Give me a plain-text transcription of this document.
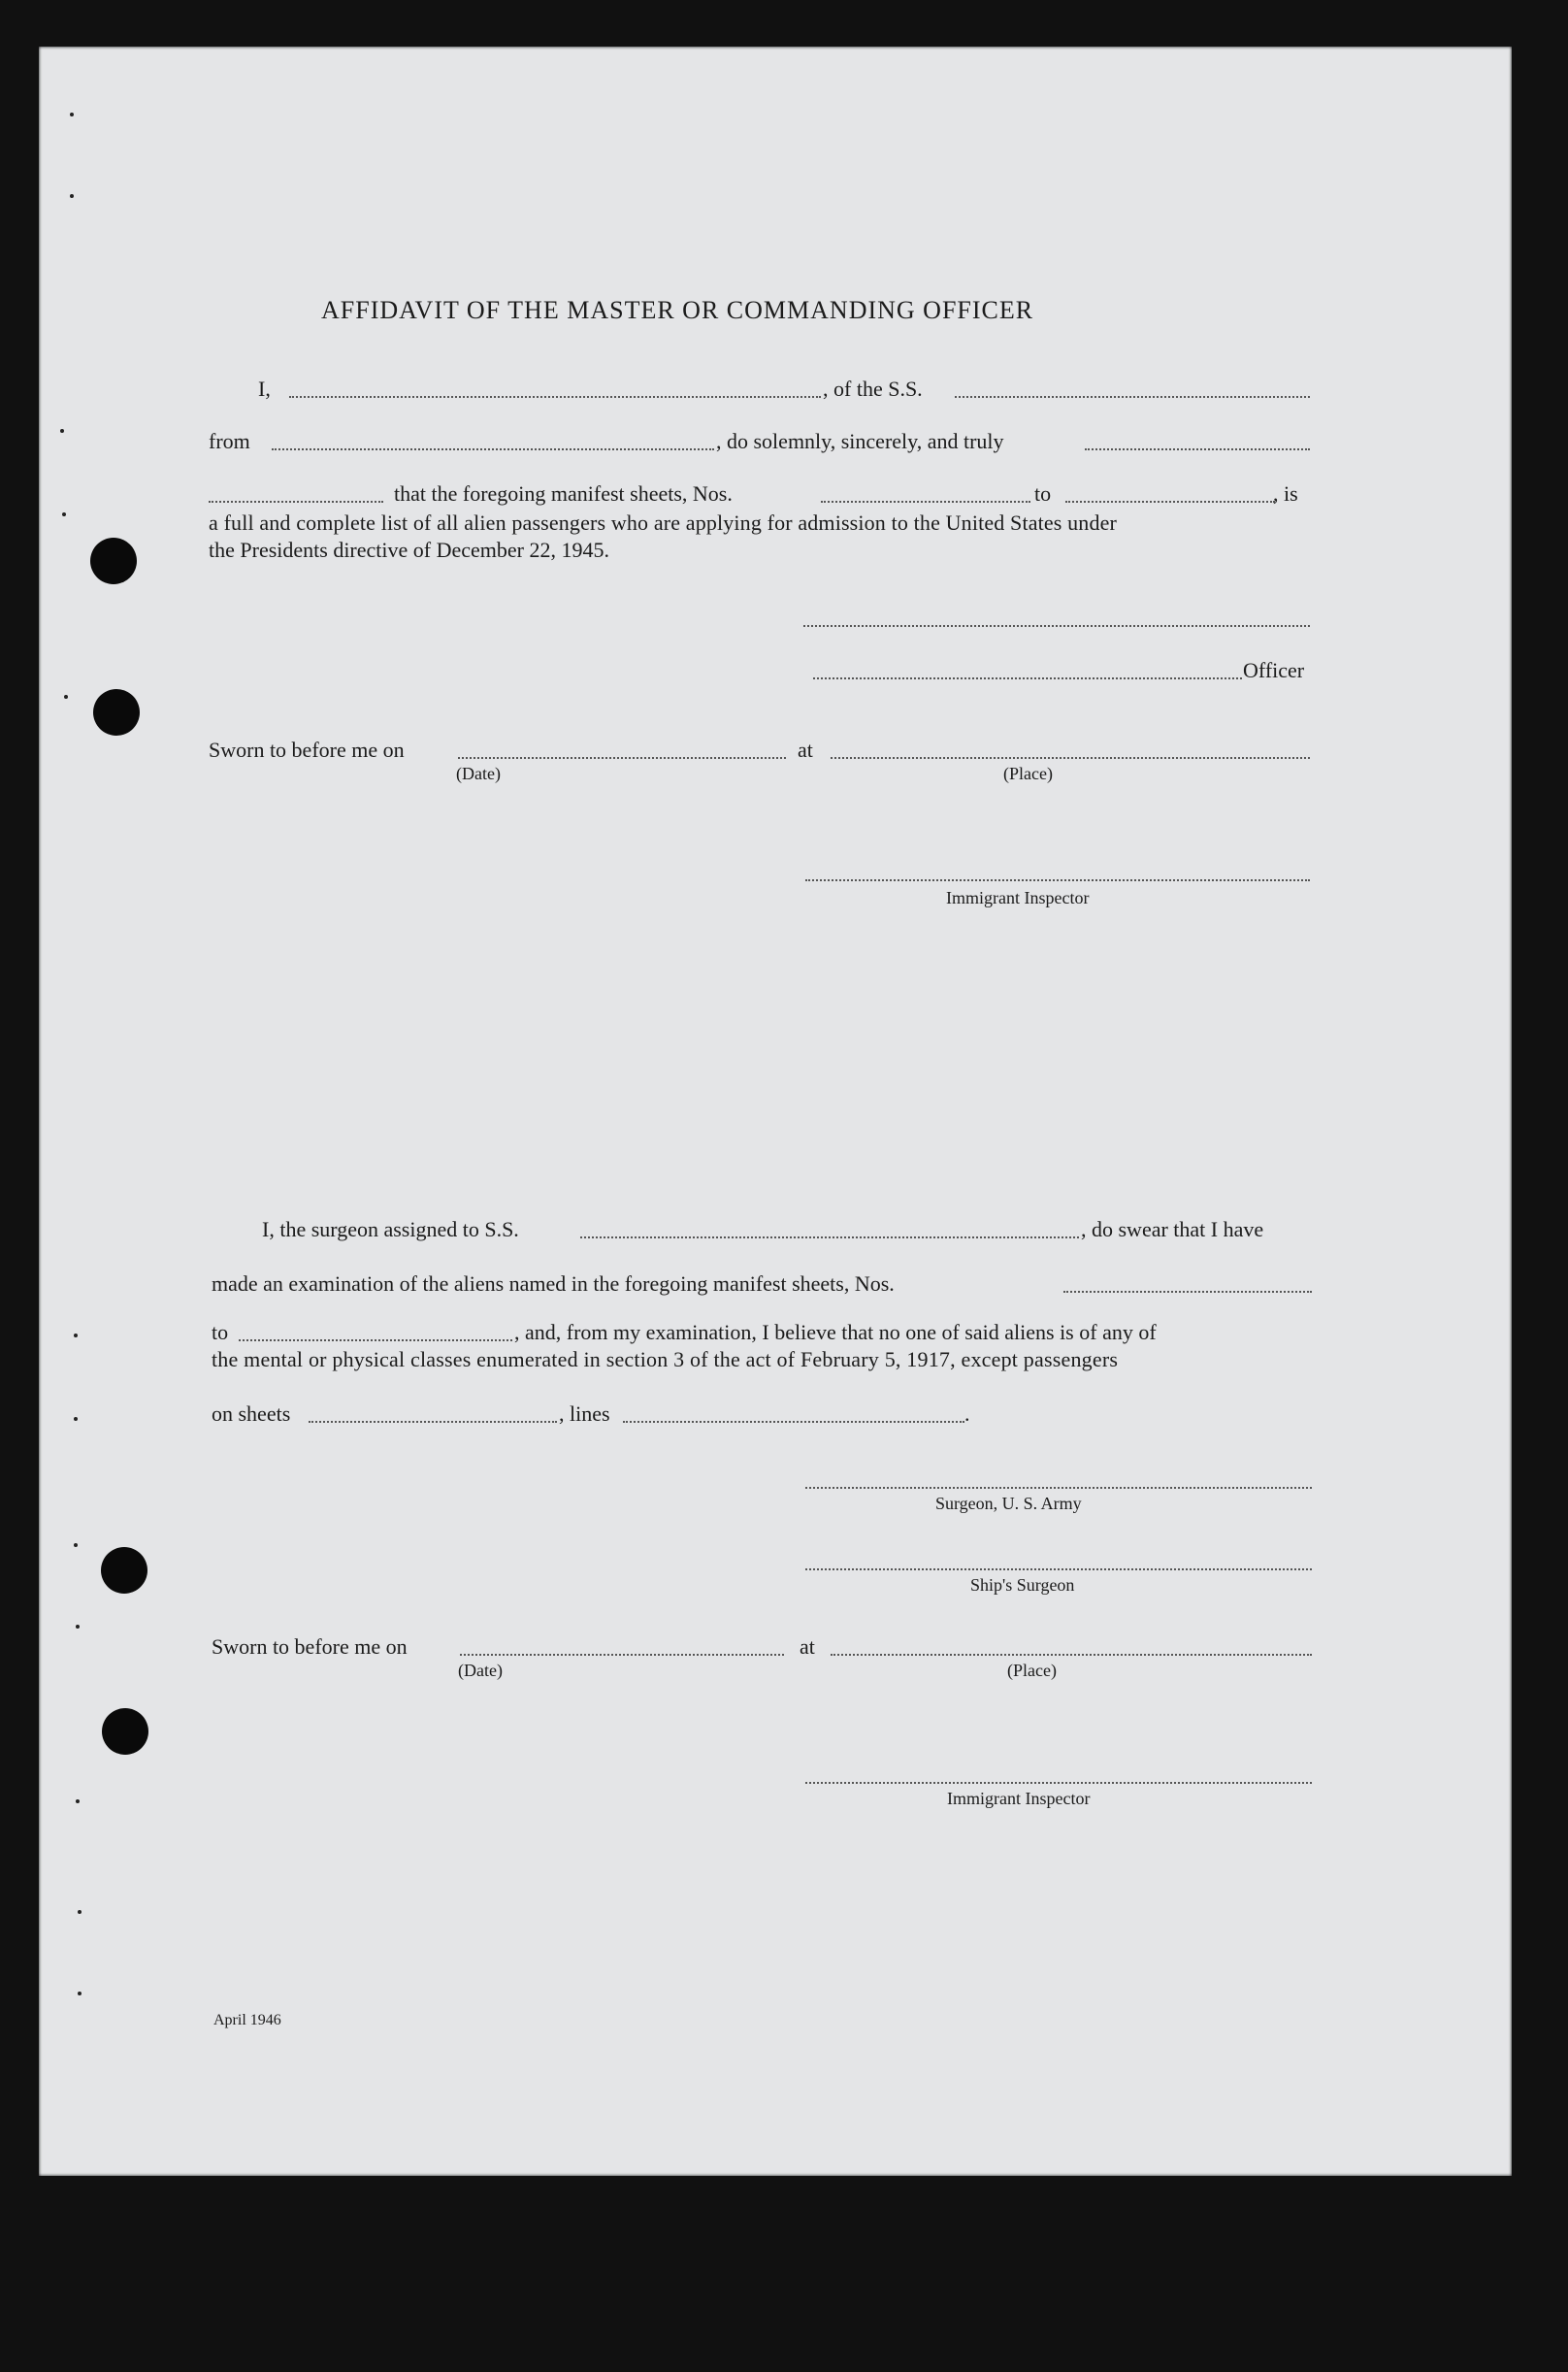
AFFIDAVIT OF THE MASTER OR COMMANDING OFFICER
I,	, of the S.S.
from	, do solemnly, sincerely, and truly
that the foregoing manifest sheets, Nos.	to	, is
a full and complete list of all alien passengers who are applying for admission to the United States under
the Presidents directive of December 22, 1945.
Officer
Sworn to before me on	at
(Date)	(Place)
Immigrant Inspector
I, the surgeon assigned to S.S.	, do swear that I have
made an examination of the aliens named in the foregoing manifest sheets, Nos.
to	, and, from my examination, I believe that no one of said aliens is of any of
the mental or physical classes enumerated in section 3 of the act of February 5, 1917, except passengers
on sheets	, lines	.
Surgeon, U. S. Army
Ship's Surgeon
Sworn to before me on	at
(Date)	(Place)
Immigrant Inspector
April 1946
